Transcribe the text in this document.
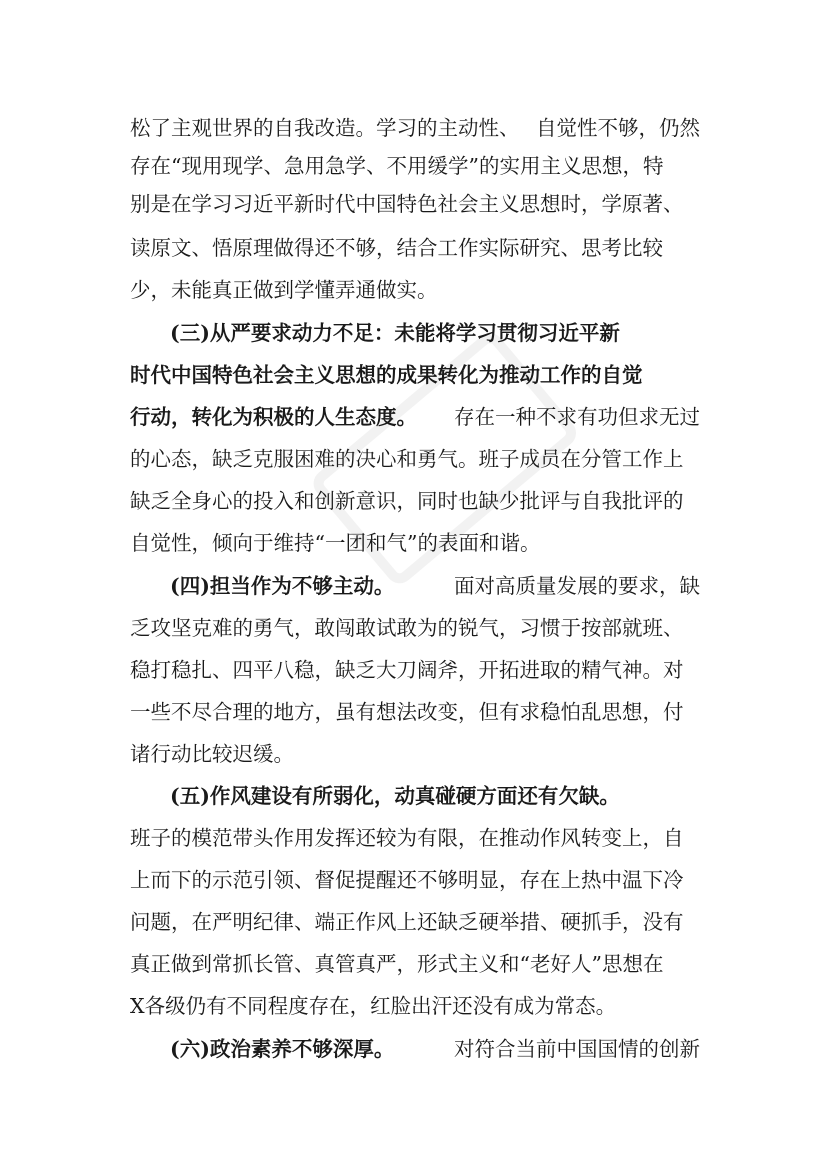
松了主观世界的自我改造。学习的主动性、 自觉性不够，仍然
存在“现用现学、急用急学、不用缓学”的实用主义思想，特
别是在学习习近平新时代中国特色社会主义思想时，学原著、
读原文、悟原理做得还不够，结合工作实际研究、思考比较
少，未能真正做到学懂弄通做实。
(三)从严要求动力不足：未能将学习贯彻习近平新
时代中国特色社会主义思想的成果转化为推动工作的自觉
行动，转化为积极的人生态度。 存在一种不求有功但求无过
的心态，缺乏克服困难的决心和勇气。班子成员在分管工作上
缺乏全身心的投入和创新意识，同时也缺少批评与自我批评的
自觉性，倾向于维持“一团和气”的表面和谐。
(四)担当作为不够主动。	面对高质量发展的要求，缺
乏攻坚克难的勇气，敢闯敢试敢为的锐气，习惯于按部就班、
稳打稳扎、四平八稳，缺乏大刀阔斧，开拓进取的精气神。对
一些不尽合理的地方，虽有想法改变，但有求稳怕乱思想，付
诸行动比较迟缓。
(五)作风建设有所弱化，动真碰硬方面还有欠缺。
班子的模范带头作用发挥还较为有限，在推动作风转变上，自
上而下的示范引领、督促提醒还不够明显，存在上热中温下冷
问题，在严明纪律、端正作风上还缺乏硬举措、硬抓手，没有
真正做到常抓长管、真管真严，形式主义和“老好人”思想在
X各级仍有不同程度存在，红脸出汗还没有成为常态。
(六)政治素养不够深厚。	对符合当前中国国情的创新
